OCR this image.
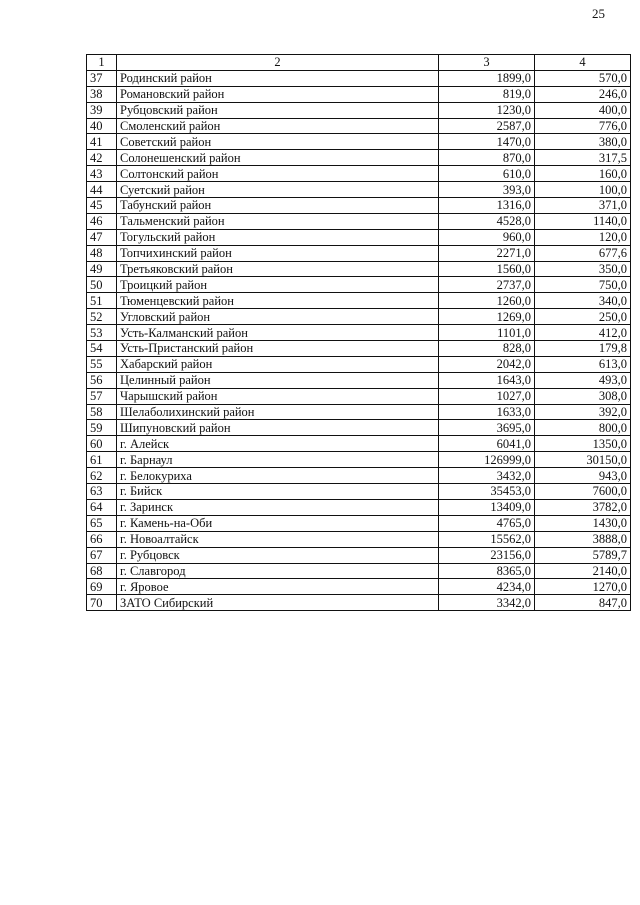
25
1	2	3	4
37	Родинский район	1899,0	570,0
38	Романовский район	819,0	246,0
39	Рубцовский район	1230,0	400,0
40	Смоленский район	2587,0	776,0
41	Советский район	1470,0	380,0
42	Солонешенский район	870,0	317,5
43	Солтонский район	610,0	160,0
44	Суетский район	393,0	100,0
45	Табунский район	1316,0	371,0
46	Тальменский район	4528,0	1140,0
47	Тогульский район	960,0	120,0
48	Топчихинский район	2271,0	677,6
49	Третьяковский район	1560,0	350,0
50	Троицкий район	2737,0	750,0
51	Тюменцевский район	1260,0	340,0
52	Угловский район	1269,0	250,0
53	Усть-Калманский район	1101,0	412,0
54	Усть-Пристанский район	828,0	179,8
55	Хабарский район	2042,0	613,0
56	Целинный район	1643,0	493,0
57	Чарышский район	1027,0	308,0
58	Шелаболихинский район	1633,0	392,0
59	Шипуновский район	3695,0	800,0
60	г. Алейск	6041,0	1350,0
61	г. Барнаул	126999,0	30150,0
62	г. Белокуриха	3432,0	943,0
63	г. Бийск	35453,0	7600,0
64	г. Заринск	13409,0	3782,0
65	г. Камень-на-Оби	4765,0	1430,0
66	г. Новоалтайск	15562,0	3888,0
67	г. Рубцовск	23156,0	5789,7
68	г. Славгород	8365,0	2140,0
69	г. Яровое	4234,0	1270,0
70	ЗАТО Сибирский	3342,0	847,0
